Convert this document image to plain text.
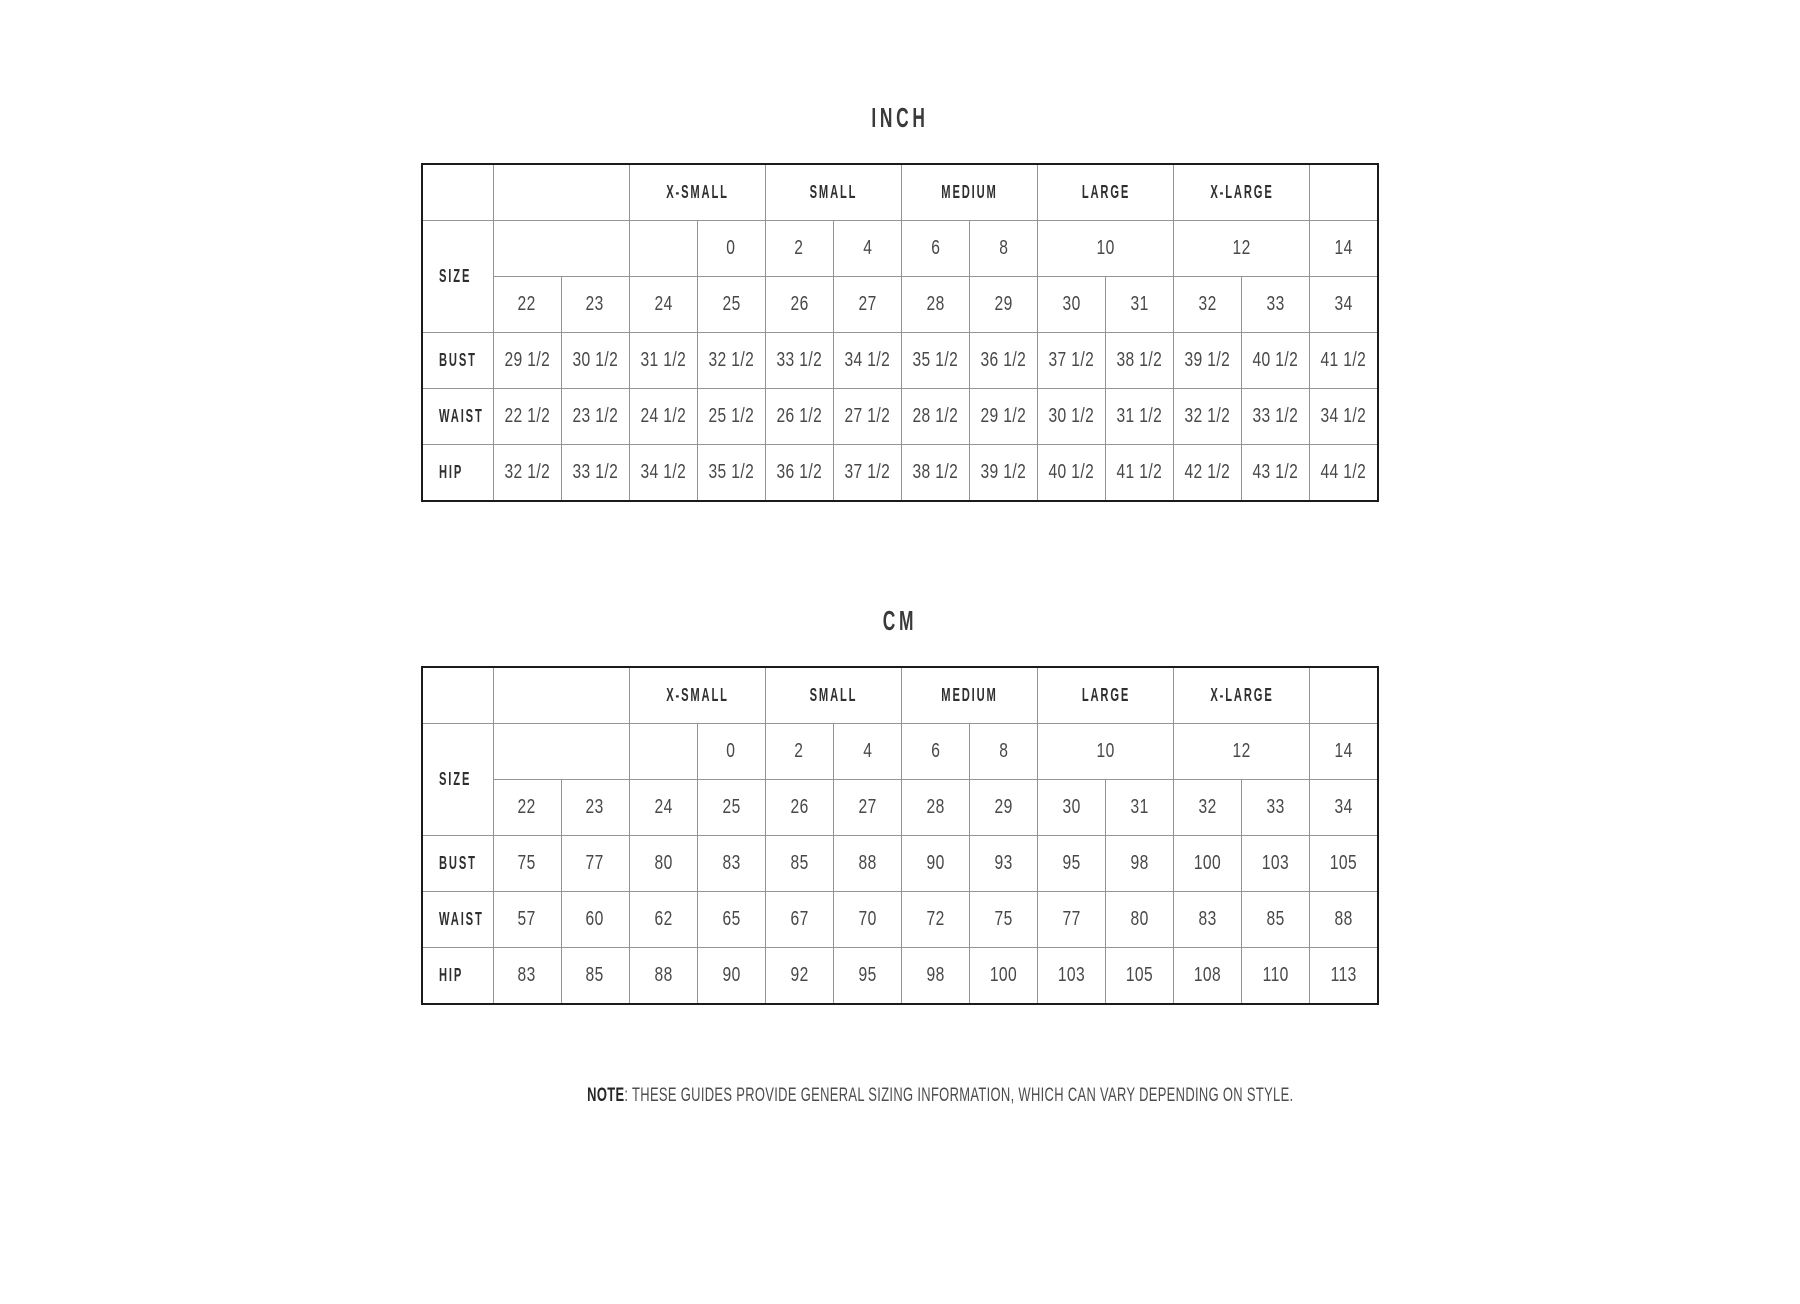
INCH
			X-SMALL		SMALL		MEDIUM		LARGE		X-LARGE		
SIZE				0	2	4	6	8	10		12		14
	22	23	24	25	26	27	28	29	30	31	32	33	34
BUST	29 1/2	30 1/2	31 1/2	32 1/2	33 1/2	34 1/2	35 1/2	36 1/2	37 1/2	38 1/2	39 1/2	40 1/2	41 1/2
WAIST	22 1/2	23 1/2	24 1/2	25 1/2	26 1/2	27 1/2	28 1/2	29 1/2	30 1/2	31 1/2	32 1/2	33 1/2	34 1/2
HIP	32 1/2	33 1/2	34 1/2	35 1/2	36 1/2	37 1/2	38 1/2	39 1/2	40 1/2	41 1/2	42 1/2	43 1/2	44 1/2
CM
			X-SMALL		SMALL		MEDIUM		LARGE		X-LARGE		
SIZE				0	2	4	6	8	10		12		14
	22	23	24	25	26	27	28	29	30	31	32	33	34
BUST	75	77	80	83	85	88	90	93	95	98	100	103	105
WAIST	57	60	62	65	67	70	72	75	77	80	83	85	88
HIP	83	85	88	90	92	95	98	100	103	105	108	110	113

NOTE: THESE GUIDES PROVIDE GENERAL SIZING INFORMATION, WHICH CAN VARY DEPENDING ON STYLE.
